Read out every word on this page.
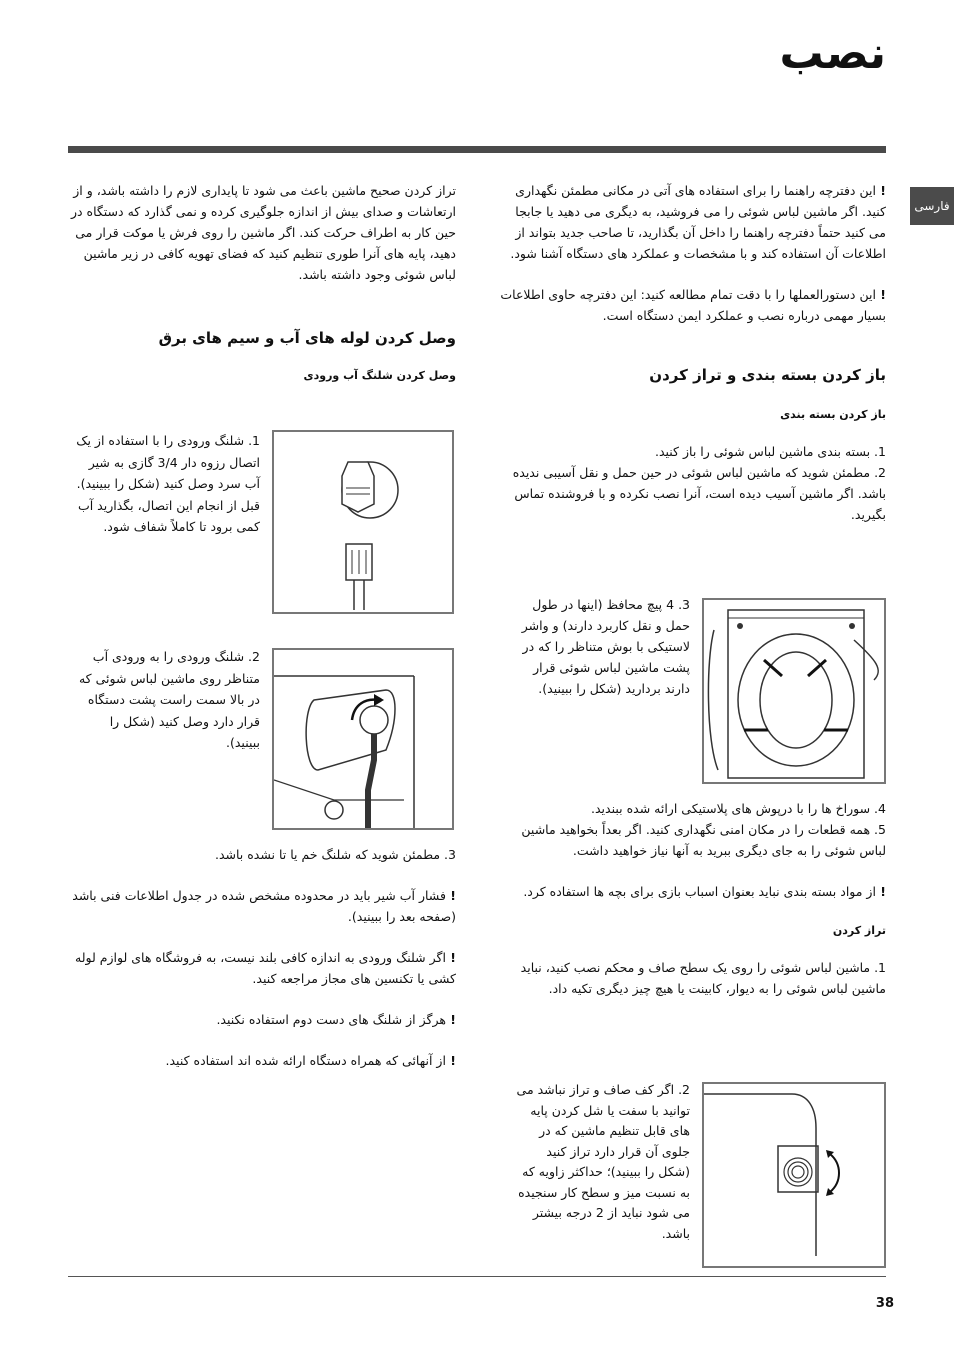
نصب
فارسی

! این دفترچه راهنما را برای استفاده های آتی در مکانی مطمئن نگهداری کنید. اگر ماشین لباس شوئی را می فروشید، به دیگری می دهید یا جابجا می کنید حتماً دفترچه راهنما را داخل آن بگذارید، تا صاحب جدید بتواند از اطلاعات آن استفاده کند و با مشخصات و عملکرد های دستگاه آشنا شود.

! این دستورالعملها را با دقت تمام مطالعه کنید: این دفترچه حاوی اطلاعات بسیار مهمی درباره نصب و عملکرد ایمن دستگاه است.

باز کردن بسته بندی و تراز کردن
باز کردن بسته بندی

1. بسته بندی ماشین لباس شوئی را باز کنید.

2. مطمئن شوید که ماشین لباس شوئی در حین حمل و نقل آسیبی ندیده باشد. اگر ماشین آسیب دیده است، آنرا نصب نکرده و با فروشنده تماس بگیرید.

3. 4 پیچ محافظ (اینها در طول حمل و نقل کاربرد دارند) و واشر لاستیکی با بوش متناظر را که در پشت ماشین لباس شوئی قرار دارند بردارید (شکل را ببینید).

4. سوراخ ها را با درپوش های پلاستیکی ارائه شده ببندید.

5. همه قطعات را در مکان امنی نگهداری کنید. اگر بعداً بخواهید ماشین لباس شوئی را به جای دیگری ببرید به آنها نیاز خواهید داشت.

! از مواد بسته بندی نباید بعنوان اسباب بازی برای بچه ها استفاده کرد.

تراز کردن

1. ماشین لباس شوئی را روی یک سطح صاف و محکم نصب کنید، نباید ماشین لباس شوئی را به دیوار، کابینت یا هیچ چیز دیگری تکیه داد.

2. اگر کف صاف و تراز نباشد می توانید با سفت یا شل کردن پایه های قابل تنظیم ماشین که در جلوی آن قرار دارد تراز کنید (شکل را ببینید)؛ حداکثر زاویه که به نسبت میز و سطح کار سنجیده می شود نباید از 2 درجه بیشتر باشد.

تراز کردن صحیح ماشین باعث می شود تا پایداری لازم را داشته باشد، و از ارتعاشات و صدای بیش از اندازه جلوگیری کرده و نمی گذارد که دستگاه در حین کار به اطراف حرکت کند. اگر ماشین را روی فرش یا موکت قرار می دهید، پایه های آنرا طوری تنظیم کنید که فضای تهویه کافی در زیر ماشین لباس شوئی وجود داشته باشد.

وصل کردن لوله های آب و سیم های برق
وصل کردن شلنگ آب ورودی

1. شلنگ ورودی را با استفاده از یک اتصال رزوه دار 3/4 گازی به شیر آب سرد وصل کنید (شکل را ببینید). قبل از انجام این اتصال، بگذارید آب کمی برود تا کاملاً شفاف شود.

2. شلنگ ورودی را به ورودی آب متناظر روی ماشین لباس شوئی که در بالا سمت راست پشت دستگاه قرار دارد وصل کنید (شکل را ببینید).

3. مطمئن شوید که شلنگ خم یا تا نشده باشد.

! فشار آب شیر باید در محدوده مشخص شده در جدول اطلاعات فنی باشد (صفحه بعد را ببینید).

! اگر شلنگ ورودی به اندازه کافی بلند نیست، به فروشگاه های لوازم لوله کشی یا تکنسین های مجاز مراجعه کنید.

! هرگز از شلنگ های دست دوم استفاده نکنید.

! از آنهائی که همراه دستگاه ارائه شده اند استفاده کنید.

38
